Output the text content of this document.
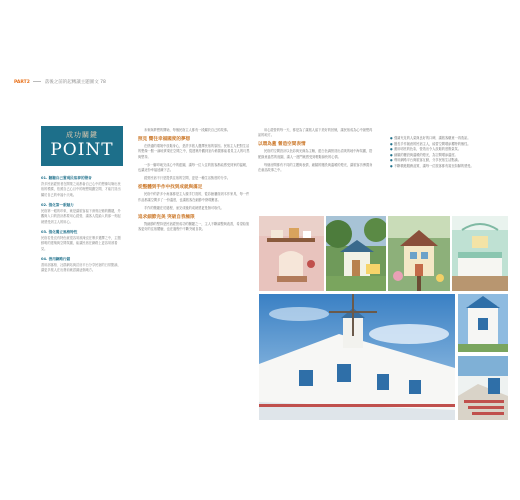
PART2	落後之前的起轉讓主題圖文 78
成功關鍵
POINT

01. 聽聽自己實現民宿夢的聲音
許多民宿經營者在開業之前都會自己心中的想像勾勒出民宿的模樣，依照自己心目中的理想規劃空間，才能打造出屬於自己的幸福小天地。

02. 強化第一眼魅力
民宿第一眼的印象，就是讓旅客留下深刻記憶的關鍵，外觀與入口的設計都要用心經營，讓客人從踏入的那一刻起就感受到主人的用心。

03. 強化獨立風格特性
民宿若是沒有特色就很容易被淹沒在眾多選擇之中，主題鮮明的建築與空間氛圍，能讓民宿在網路上更容易被看見。

04. 善用網路行銷
善用部落格、社群網站與訂房平台分享民宿的日常點滴，讓更多旅人在出發前就認識這個地方。

未來與夢想的開始，每個民宿主人都有一段屬於自己的故事。

照見 嚮往幸福國度的夢想

在舒適的環境中放鬆身心，是許多旅人選擇民宿的原因。民宿主人把對生活的想像一點一滴地實現在空間之中，從建築外觀到室內佈置都能看見主人的巧思與堅持。

一步一腳印地完成心中的藍圖，讓每一位入住的旅客都能感受到家的溫暖，也讓這份幸福延續下去。

經營民宿不只是提供住宿的空間，更是一種生活態度的分享。

從整體到手作中找到成就與滿足

民宿中的許多小角落都是主人親手打造的，從彩繪牆面到木作家具，每一件作品都讓空間多了一份溫度，也讓旅客在細節中發現驚喜。

手作的樂趣在於過程，而完成後的成就感更是無可取代。

追求細節完美 突破自我極限

對細節的堅持是民宿經營成功的關鍵之一，主人不斷調整與改善，希望給旅客更好的住宿體驗，也在過程中不斷突破自我。

用心經營的每一天，都是為了讓旅人留下美好的回憶，讓民宿成為心中最想再訪的地方。

以環為蓋 營造空間表情

民宿的空間設計以色彩與光線為主軸，藍白色調營造出清爽的地中海氛圍，搭配綠意盎然的庭園，讓人一進門就感受到輕鬆愉快的心情。

每個房間都有不同的主題與表情，細膩的擺設與溫暖的燈光，讓旅客彷彿置身在童話故事之中。

● 強調充足的人氣與良好的口碑，讓旅客願意一再造訪。
● 擅長手作創意的民宿主人，能替空間增添獨特的個性。
● 運用明亮的色彩，營造出令人放鬆的度假氣氛。
● 細膩的擺設與溫暖的燈光，為空間增添溫度。
● 利用網路平台與旅客互動，分享民宿生活點滴。
● 不斷精進服務品質，讓每一位旅客都有賓至如歸的感受。
